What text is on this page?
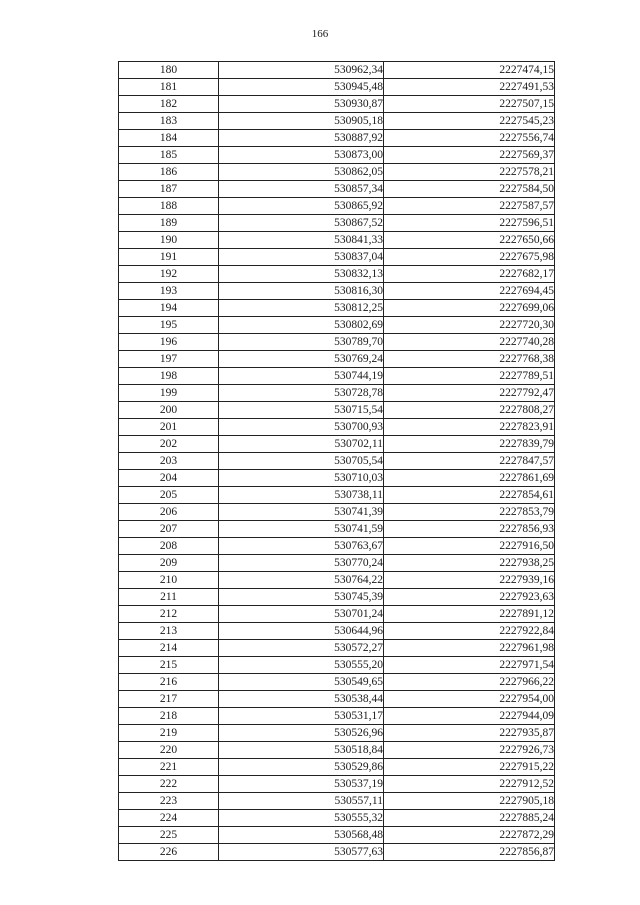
166
180	530962,34	2227474,15
181	530945,48	2227491,53
182	530930,87	2227507,15
183	530905,18	2227545,23
184	530887,92	2227556,74
185	530873,00	2227569,37
186	530862,05	2227578,21
187	530857,34	2227584,50
188	530865,92	2227587,57
189	530867,52	2227596,51
190	530841,33	2227650,66
191	530837,04	2227675,98
192	530832,13	2227682,17
193	530816,30	2227694,45
194	530812,25	2227699,06
195	530802,69	2227720,30
196	530789,70	2227740,28
197	530769,24	2227768,38
198	530744,19	2227789,51
199	530728,78	2227792,47
200	530715,54	2227808,27
201	530700,93	2227823,91
202	530702,11	2227839,79
203	530705,54	2227847,57
204	530710,03	2227861,69
205	530738,11	2227854,61
206	530741,39	2227853,79
207	530741,59	2227856,93
208	530763,67	2227916,50
209	530770,24	2227938,25
210	530764,22	2227939,16
211	530745,39	2227923,63
212	530701,24	2227891,12
213	530644,96	2227922,84
214	530572,27	2227961,98
215	530555,20	2227971,54
216	530549,65	2227966,22
217	530538,44	2227954,00
218	530531,17	2227944,09
219	530526,96	2227935,87
220	530518,84	2227926,73
221	530529,86	2227915,22
222	530537,19	2227912,52
223	530557,11	2227905,18
224	530555,32	2227885,24
225	530568,48	2227872,29
226	530577,63	2227856,87
